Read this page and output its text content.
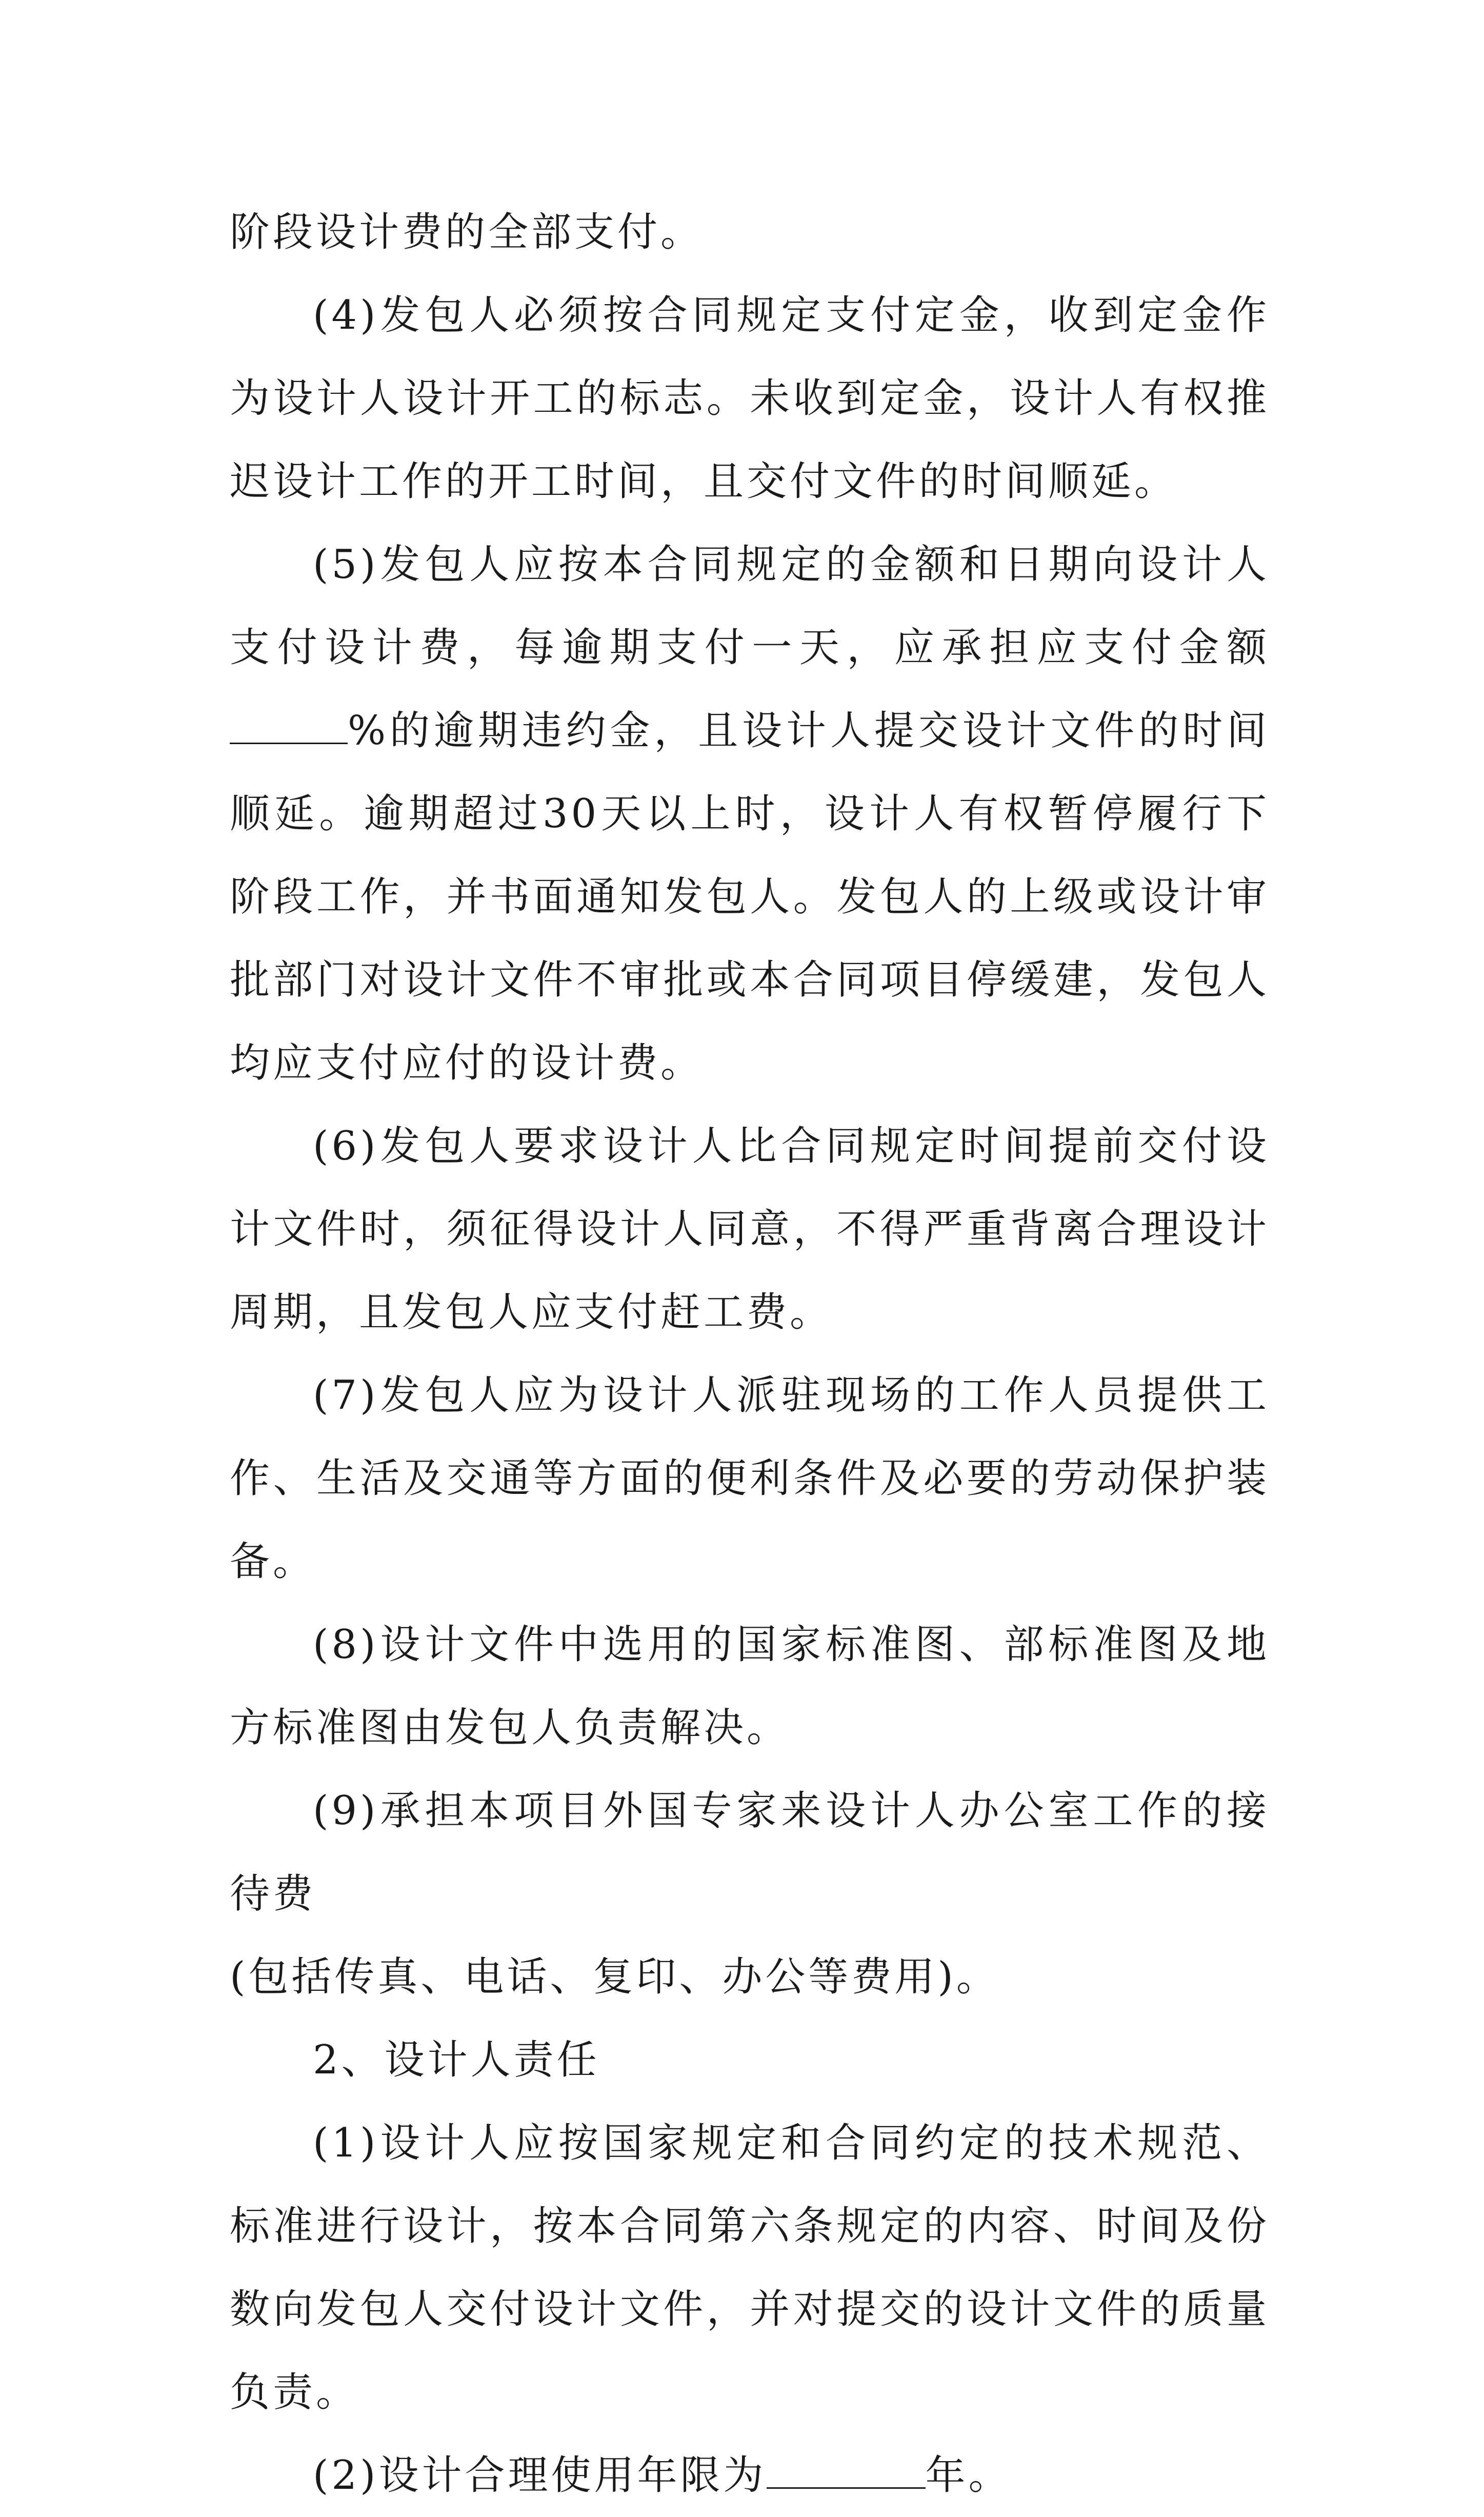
阶段设计费的全部支付。

(4)发包人必须按合同规定支付定金，收到定金作为设计人设计开工的标志。未收到定金，设计人有权推迟设计工作的开工时间，且交付文件的时间顺延。

(5)发包人应按本合同规定的金额和日期向设计人支付设计费，每逾期支付一天，应承担应支付金额%的逾期违约金，且设计人提交设计文件的时间顺延。逾期超过30天以上时，设计人有权暂停履行下阶段工作，并书面通知发包人。发包人的上级或设计审批部门对设计文件不审批或本合同项目停缓建，发包人均应支付应付的设计费。

(6)发包人要求设计人比合同规定时间提前交付设计文件时，须征得设计人同意，不得严重背离合理设计周期，且发包人应支付赶工费。

(7)发包人应为设计人派驻现场的工作人员提供工作、生活及交通等方面的便利条件及必要的劳动保护装备。

(8)设计文件中选用的国家标准图、部标准图及地方标准图由发包人负责解决。

(9)承担本项目外国专家来设计人办公室工作的接待费

(包括传真、电话、复印、办公等费用)。

2、设计人责任

(1)设计人应按国家规定和合同约定的技术规范、标准进行设计，按本合同第六条规定的内容、时间及份数向发包人交付设计文件，并对提交的设计文件的质量负责。

(2)设计合理使用年限为	年。
